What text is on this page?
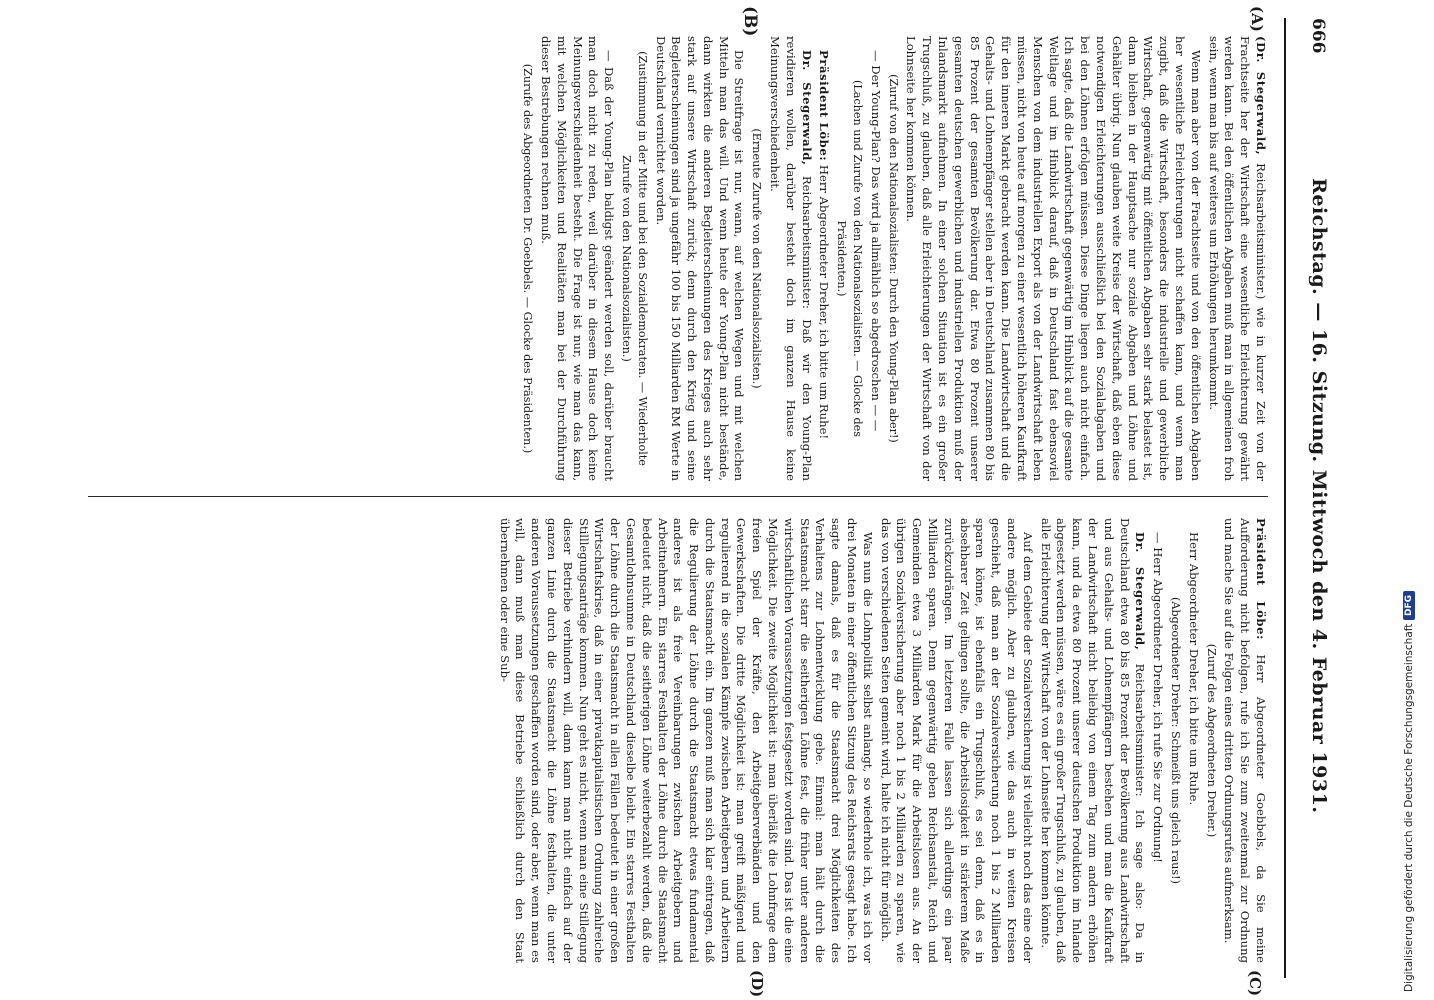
666
Reichstag. — 16. Sitzung. Mittwoch den 4. Februar 1931.
(A)
(B)
(C)
(D)

(Dr. Stegerwald, Reichsarbeitsminister.) wie in kurzer Zeit von der Frachtseite her der Wirtschaft eine wesentliche Erleichterung gewährt werden kann. Bei den öffentlichen Abgaben muß man in allgemeinen froh sein, wenn man bis auf weiteres um Erhöhungen herumkommt.

Wenn man aber von der Frachtseite und von den öffentlichen Abgaben her wesentliche Erleichterungen nicht schaffen kann, und wenn man zugibt, daß die Wirtschaft, besonders die industrielle und gewerbliche Wirtschaft, gegenwärtig mit öffentlichen Abgaben sehr stark belastet ist, dann bleiben in der Hauptsache nur soziale Abgaben und Löhne und Gehälter übrig. Nun glauben weite Kreise der Wirtschaft, daß eben diese notwendigen Erleichterungen ausschließlich bei den Sozialabgaben und bei den Löhnen erfolgen müssen. Diese Dinge liegen auch nicht einfach. Ich sagte, daß die Landwirtschaft gegenwärtig im Hinblick auf die gesamte Weltlage und im Hinblick darauf, daß in Deutschland fast ebensoviel Menschen von dem industriellen Export als von der Landwirtschaft leben müssen, nicht von heute auf morgen zu einer wesentlich höheren Kaufkraft für den inneren Markt gebracht werden kann. Die Landwirtschaft und die Gehalts- und Lohnempfänger stellen aber in Deutschland zusammen 80 bis 85 Prozent der gesamten Bevölkerung dar. Etwa 80 Prozent unserer gesamten deutschen gewerblichen und industriellen Produktion muß der Inlandsmarkt aufnehmen. In einer solchen Situation ist es ein großer Trugschluß, zu glauben, daß alle Erleichterungen der Wirtschaft von der Lohnseite her kommen können.

(Zuruf von den Nationalsozialisten: Durch den Young-Plan aber!)

— Der Young-Plan? Das wird ja allmählich so abgedroschen — —

(Lachen und Zurufe von den Nationalsozialisten. — Glocke des Präsidenten.)

Präsident Löbe: Herr Abgeordneter Dreher, ich bitte um Ruhe!

Dr. Stegerwald, Reichsarbeitsminister: Daß wir den Young-Plan revidieren wollen, darüber besteht doch im ganzen Hause keine Meinungsverschiedenheit.

(Erneute Zurufe von den Nationalsozialisten.)

Die Streitfrage ist nur, wann, auf welchen Wegen und mit welchen Mitteln man das will. Und wenn heute der Young-Plan nicht bestände, dann wirkten die anderen Begleiterscheinungen des Krieges auch sehr stark auf unsere Wirtschaft zurück; denn durch den Krieg und seine Begleiterscheinungen sind ja ungefähr 100 bis 150 Milliarden RM Werte in Deutschland vernichtet worden.

(Zustimmung in der Mitte und bei den Sozialdemokraten. — Wiederholte Zurufe von den Nationalsozialisten.)

— Daß der Young-Plan baldigst geändert werden soll, darüber braucht man doch nicht zu reden, weil darüber in diesem Hause doch keine Meinungsverschiedenheit besteht. Die Frage ist nur, wie man das kann, mit welchen Möglichkeiten und Realitäten man bei der Durchführung dieser Bestrebungen rechnen muß.

(Zurufe des Abgeordneten Dr. Goebbels. — Glocke des Präsidenten.)

Präsident Löbe: Herr Abgeordneter Goebbels, da Sie meine Aufforderung nicht befolgen, rufe ich Sie zum zweitenmal zur Ordnung und mache Sie auf die Folgen eines dritten Ordnungsrufes aufmerksam.

(Zuruf des Abgeordneten Dreher.)

Herr Abgeordneter Dreher, ich bitte um Ruhe.

(Abgeordneter Dreher: Schmeißt uns gleich raus!)

— Herr Abgeordneter Dreher, ich rufe Sie zur Ordnung!

Dr. Stegerwald, Reichsarbeitsminister: Ich sage also: Da in Deutschland etwa 80 bis 85 Prozent der Bevölkerung aus Landwirtschaft und aus Gehalts- und Lohnempfängern bestehen und man die Kaufkraft der Landwirtschaft nicht beliebig von einem Tag zum andern erhöhen kann, und da etwa 80 Prozent unserer deutschen Produktion im Inlande abgesetzt werden müssen, wäre es ein großer Trugschluß, zu glauben, daß alle Erleichterung der Wirtschaft von der Lohnseite her kommen könnte.

Auf dem Gebiete der Sozialversicherung ist vielleicht noch das eine oder andere möglich. Aber zu glauben, wie das auch in weiten Kreisen geschieht, daß man an der Sozialversicherung noch 1 bis 2 Milliarden sparen könne, ist ebenfalls ein Trugschluß, es sei denn, daß es in absehbarer Zeit gelingen sollte, die Arbeitslosigkeit in stärkerem Maße zurückzudrängen. Im letzteren Falle lassen sich allerdings ein paar Milliarden sparen. Denn gegenwärtig geben Reichsanstalt, Reich und Gemeinden etwa 3 Milliarden Mark für die Arbeitslosen aus. An der übrigen Sozialversicherung aber noch 1 bis 2 Milliarden zu sparen, wie das von verschiedenen Seiten gemeint wird, halte ich nicht für möglich.

Was nun die Lohnpolitik selbst anlangt, so wiederhole ich, was ich vor drei Monaten in einer öffentlichen Sitzung des Reichsrats gesagt habe. Ich sagte damals, daß es für die Staatsmacht drei Möglichkeiten des Verhaltens zur Lohnentwicklung gebe. Einmal: man hält durch die Staatsmacht starr die seitherigen Löhne fest, die früher unter anderen wirtschaftlichen Voraussetzungen festgesetzt worden sind. Das ist die eine Möglichkeit. Die zweite Möglichkeit ist: man überläßt die Lohnfrage dem freien Spiel der Kräfte, den Arbeitgeberverbänden und den Gewerkschaften. Die dritte Möglichkeit ist: man greift mäßigend und regulierend in die sozialen Kämpfe zwischen Arbeitgebern und Arbeitern durch die Staatsmacht ein. Im ganzen muß man sich klar eintragen, daß die Regulierung der Löhne durch die Staatsmacht etwas fundamental anderes ist als freie Vereinbarungen zwischen Arbeitgebern und Arbeitnehmern. Ein starres Festhalten der Löhne durch die Staatsmacht bedeutet nicht, daß die seitherigen Löhne weiterbezahlt werden, daß die Gesamtlohnsumme in Deutschland dieselbe bleibt. Ein starres Festhalten der Löhne durch die Staatsmacht in allen Fällen bedeutet in einer großen Wirtschaftskrise, daß in einer privatkapitalistischen Ordnung zahlreiche Stilllegungsanträge kommen. Nun geht es nicht, wenn man eine Stillegung dieser Betriebe verhindern will, dann kann man nicht einfach auf der ganzen Linie durch die Staatsmacht die Löhne festhalten, die unter anderen Voraussetzungen geschaffen worden sind, oder aber, wenn man es will, dann muß man diese Betriebe schließlich durch den Staat übernehmen oder eine Sub-

Digitalisierung gefördert durch die Deutsche Forschungsgemeinschaft
DFG
